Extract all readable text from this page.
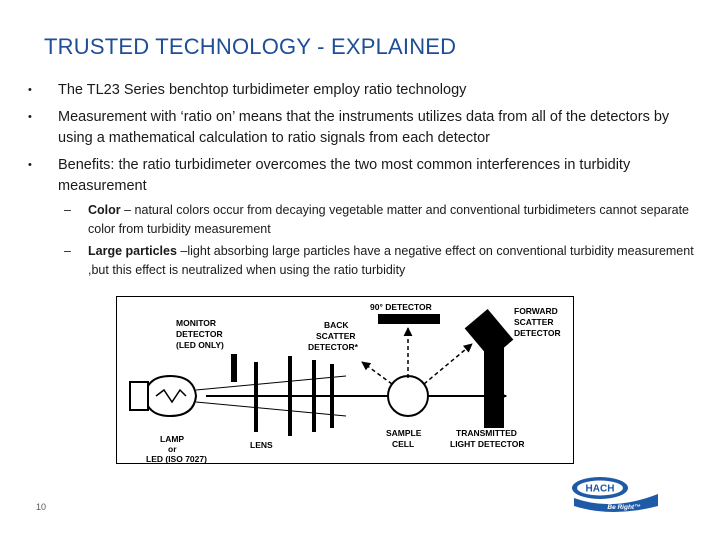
TRUSTED TECHNOLOGY - EXPLAINED
• The TL23 Series benchtop turbidimeter employ ratio technology
• Measurement with ‘ratio on’ means that the instruments utilizes data from all of the detectors by using a mathematical calculation to ratio signals from each detector
• Benefits: the ratio turbidimeter overcomes the two most common interferences in turbidity measurement
– Color – natural colors occur from decaying vegetable matter and conventional turbidimeters cannot separate color from turbidity measurement
– Large particles –light absorbing large particles have a negative effect on conventional turbidity measurement ,but this effect is neutralized when using the ratio turbidity
MONITOR
DETECTOR
(LED ONLY)
BACK
SCATTER
DETECTOR*
90° DETECTOR	FORWARD
SCATTER
DETECTOR
LAMP
or
LED (ISO 7027)
LENS
SAMPLE
CELL
TRANSMITTED
LIGHT DETECTOR
10
HACH
Be Right™
